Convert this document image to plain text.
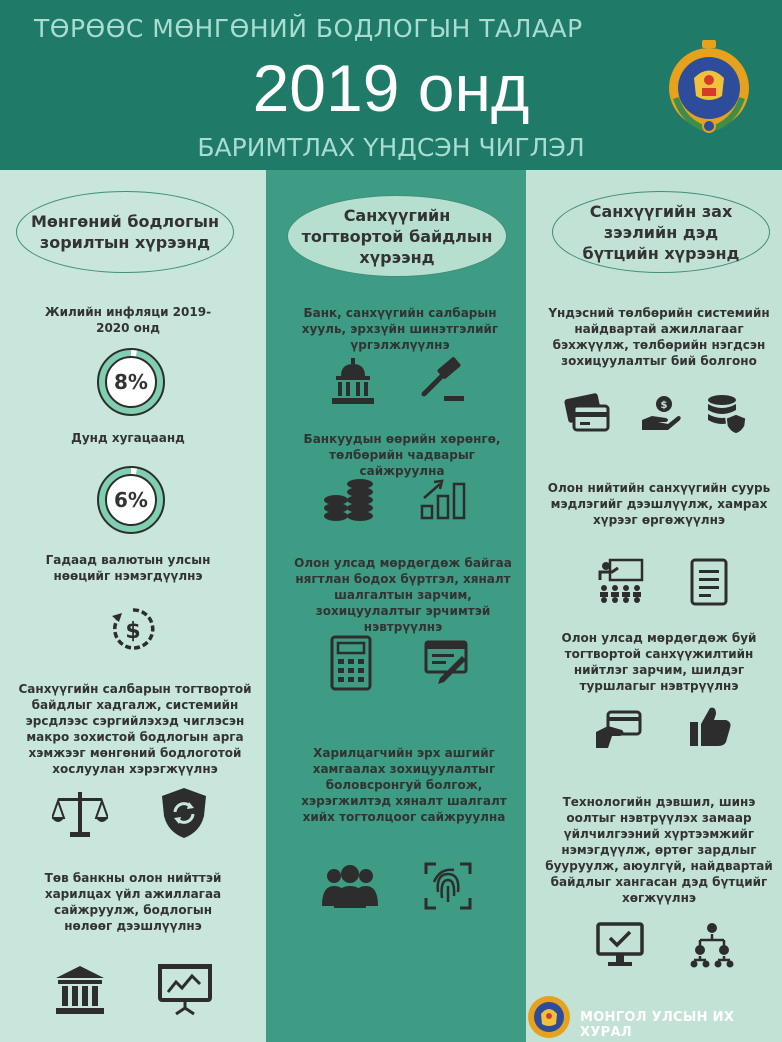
ТӨРӨӨС МӨНГӨНИЙ БОДЛОГЫН ТАЛААР
2019 онд
БАРИМТЛАХ ҮНДСЭН ЧИГЛЭЛ
Мөнгөний бодлогын зорилтын хүрээнд
Жилийн инфляци 2019-2020 онд
8%
Дунд хугацаанд
6%
Гадаад валютын улсын нөөцийг нэмэгдүүлнэ
$
Санхүүгийн салбарын тогтвортой байдлыг хадгалж, системийн эрсдлээс сэргийлэхэд чиглэсэн макро зохистой бодлогын арга хэмжээг мөнгөний бодлоготой хослуулан хэрэгжүүлнэ
Төв банкны олон нийттэй харилцах үйл ажиллагаа сайжруулж, бодлогын нөлөөг дээшлүүлнэ
Санхүүгийн тогтвортой байдлын хүрээнд
Банк, санхүүгийн салбарын хууль, эрхзүйн шинэтгэлийг үргэлжлүүлнэ
Банкуудын өөрийн хөрөнгө, төлбөрийн чадварыг сайжруулна
Олон улсад мөрдөгдөж байгаа нягтлан бодох бүртгэл, хяналт шалгалтын зарчим, зохицуулалтыг эрчимтэй нэвтрүүлнэ
Харилцагчийн эрх ашгийг хамгаалах зохицуулалтыг боловсронгуй болгож, хэрэгжилтэд хяналт шалгалт хийх тогтолцоог сайжруулна
Санхүүгийн зах зээлийн дэд бүтцийн хүрээнд
Үндэсний төлбөрийн системийн найдвартай ажиллагааг бэхжүүлж, төлбөрийн нэгдсэн зохицуулалтыг бий болгоно
$
Олон нийтийн санхүүгийн суурь мэдлэгийг дээшлүүлж, хамрах хүрээг өргөжүүлнэ
Олон улсад мөрдөгдөж буй тогтвортой санхүүжилтийн нийтлэг зарчим, шилдэг туршлагыг нэвтрүүлнэ
Технологийн дэвшил, шинэ оолтыг нэвтрүүлэх замаар үйлчилгээний хүртээмжийг нэмэгдүүлж, өртөг зардлыг бууруулж, аюулгүй, найдвартай байдлыг хангасан дэд бүтцийг хөгжүүлнэ
МОНГОЛ УЛСЫН ИХ ХУРАЛ
